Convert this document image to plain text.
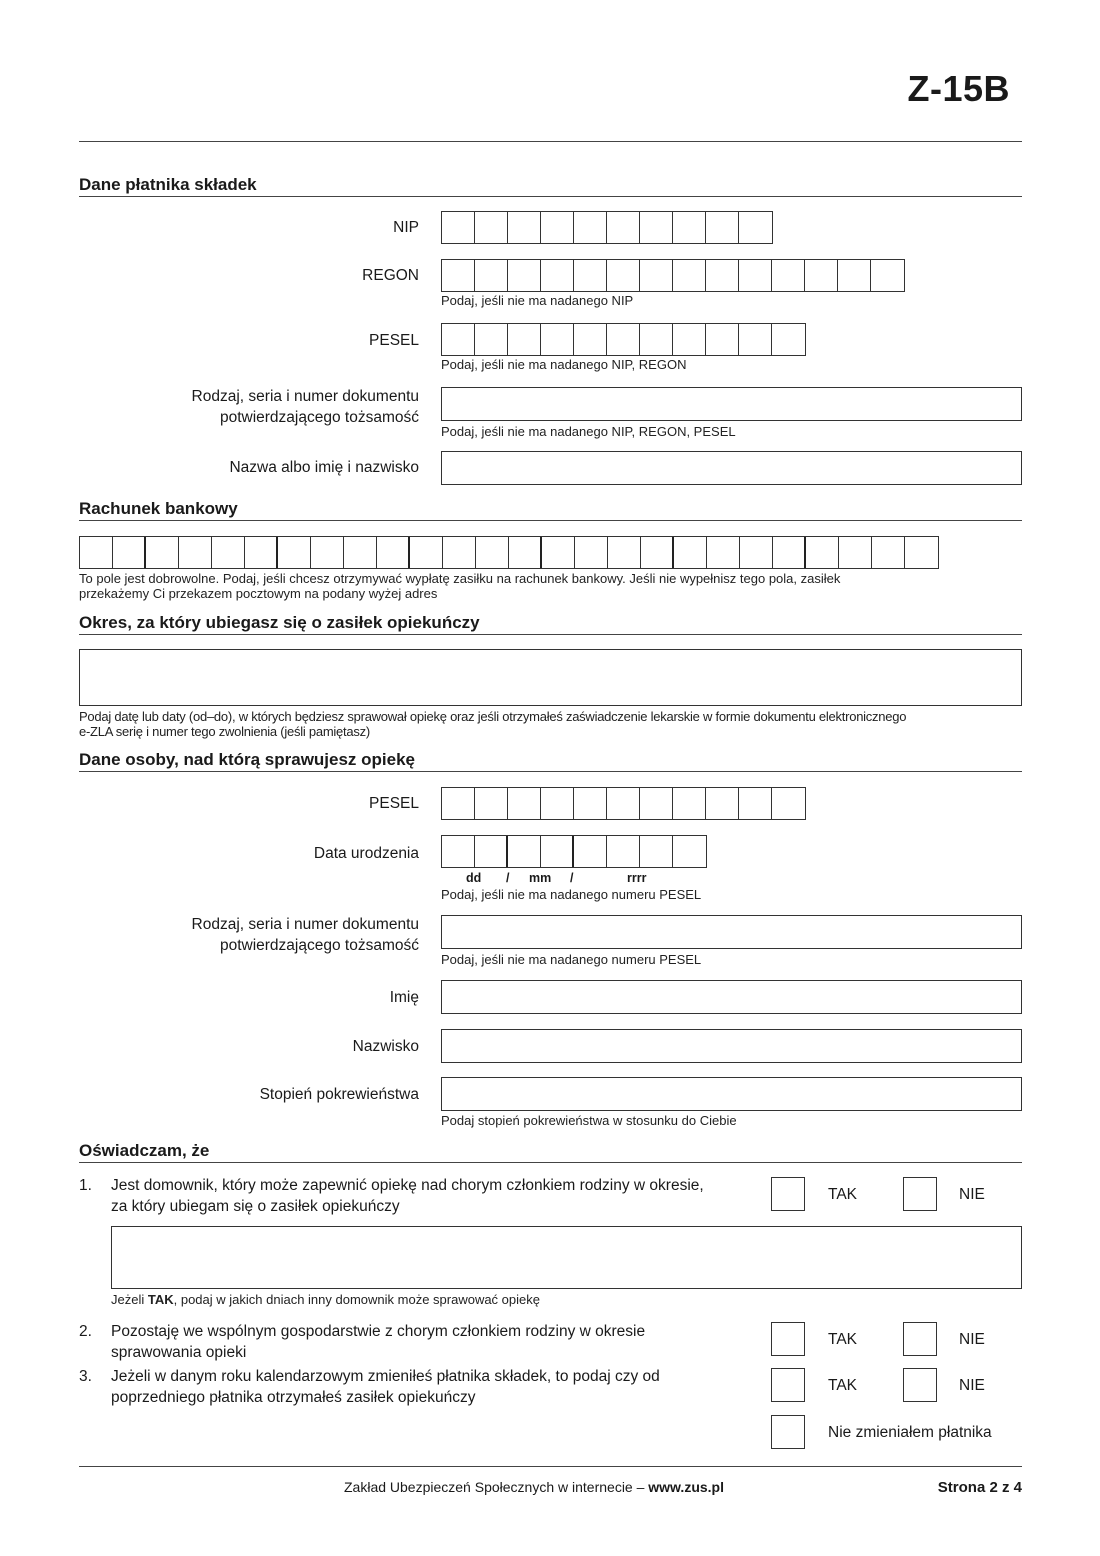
Z-15B
Dane płatnika składek
NIP
REGON
Podaj, jeśli nie ma nadanego NIP
PESEL
Podaj, jeśli nie ma nadanego NIP, REGON
Rodzaj, seria i numer dokumentu
potwierdzającego tożsamość
Podaj, jeśli nie ma nadanego NIP, REGON, PESEL
Nazwa albo imię i nazwisko
Rachunek bankowy
To pole jest dobrowolne. Podaj, jeśli chcesz otrzymywać wypłatę zasiłku na rachunek bankowy. Jeśli nie wypełnisz tego pola, zasiłek
przekażemy Ci przekazem pocztowym na podany wyżej adres
Okres, za który ubiegasz się o zasiłek opiekuńczy
Podaj datę lub daty (od–do), w których będziesz sprawował opiekę oraz jeśli otrzymałeś zaświadczenie lekarskie w formie dokumentu elektronicznego
e-ZLA serię i numer tego zwolnienia (jeśli pamiętasz)
Dane osoby, nad którą sprawujesz opiekę
PESEL
Data urodzenia
dd / mm /	rrrr
Podaj, jeśli nie ma nadanego numeru PESEL
Rodzaj, seria i numer dokumentu
potwierdzającego tożsamość
Podaj, jeśli nie ma nadanego numeru PESEL
Imię
Nazwisko
Stopień pokrewieństwa
Podaj stopień pokrewieństwa w stosunku do Ciebie
Oświadczam, że
1. Jest domownik, który może zapewnić opiekę nad chorym członkiem rodziny w okresie,
za który ubiegam się o zasiłek opiekuńczy
TAK	NIE
Jeżeli TAK, podaj w jakich dniach inny domownik może sprawować opiekę
2. Pozostaję we wspólnym gospodarstwie z chorym członkiem rodziny w okresie
sprawowania opieki
TAK	NIE
3. Jeżeli w danym roku kalendarzowym zmieniłeś płatnika składek, to podaj czy od
poprzedniego płatnika otrzymałeś zasiłek opiekuńczy
TAK	NIE
Nie zmieniałem płatnika
Zakład Ubezpieczeń Społecznych w internecie – www.zus.pl	Strona 2 z 4
